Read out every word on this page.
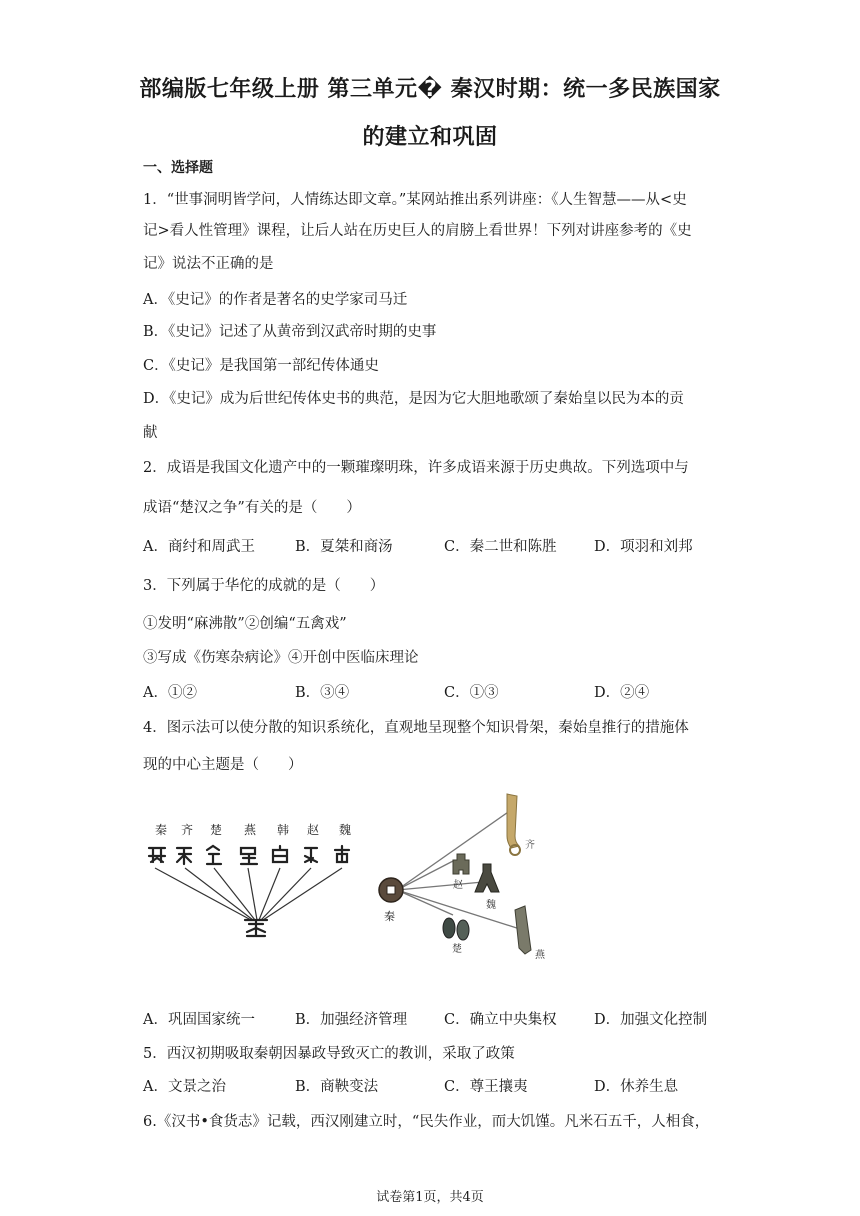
部编版七年级上册 第三单元� 秦汉时期：统一多民族国家
的建立和巩固
一、选择题
1．“世事洞明皆学问，人情练达即文章。”某网站推出系列讲座：《人生智慧——从<史
记>看人性管理》课程，让后人站在历史巨人的肩膀上看世界！下列对讲座参考的《史
记》说法不正确的是
A．《史记》的作者是著名的史学家司马迁
B．《史记》记述了从黄帝到汉武帝时期的史事
C．《史记》是我国第一部纪传体通史
D．《史记》成为后世纪传体史书的典范，是因为它大胆地歌颂了秦始皇以民为本的贡
献
2．成语是我国文化遗产中的一颗璀璨明珠，许多成语来源于历史典故。下列选项中与
成语“楚汉之争”有关的是（　　）
A．商纣和周武王	B．夏桀和商汤	C．秦二世和陈胜	D．项羽和刘邦
3．下列属于华佗的成就的是（　　）
①发明“麻沸散”②创编“五禽戏”
③写成《伤寒杂病论》④开创中医临床理论
A．①②	B．③④	C．①③	D．②④
4．图示法可以使分散的知识系统化，直观地呈现整个知识骨架，秦始皇推行的措施体
现的中心主题是（　　）
秦 齐 楚 燕 韩 赵 魏
秦
齐
赵
魏
楚
燕
A．巩固国家统一	B．加强经济管理	C．确立中央集权	D．加强文化控制
5．西汉初期吸取秦朝因暴政导致灭亡的教训，采取了政策
A．文景之治	B．商鞅变法	C．尊王攘夷	D．休养生息
6.《汉书•食货志》记载，西汉刚建立时，“民失作业，而大饥馑。凡米石五千，人相食，
试卷第1页，共4页
